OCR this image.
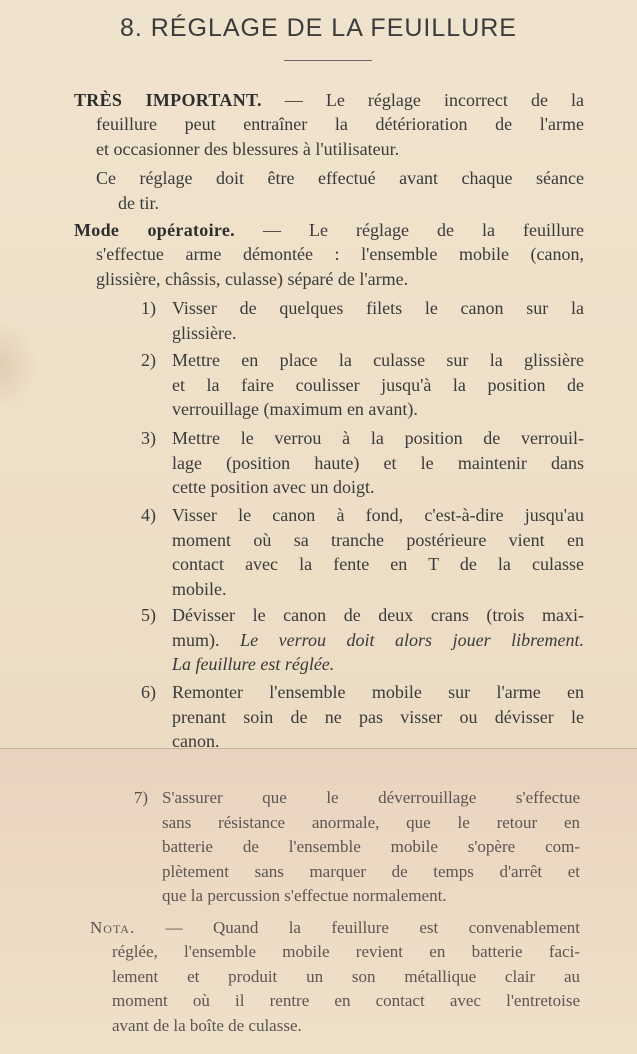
8. RÉGLAGE DE LA FEUILLURE
TRÈS IMPORTANT. — Le réglage incorrect de la
feuillure peut entraîner la détérioration de l'arme
et occasionner des blessures à l'utilisateur.
Ce réglage doit être effectué avant chaque séance
de tir.
Mode opératoire. — Le réglage de la feuillure
s'effectue arme démontée : l'ensemble mobile (canon,
glissière, châssis, culasse) séparé de l'arme.
1) Visser de quelques filets le canon sur la
glissière.
2) Mettre en place la culasse sur la glissière
et la faire coulisser jusqu'à la position de
verrouillage (maximum en avant).
3) Mettre le verrou à la position de verrouil-
lage (position haute) et le maintenir dans
cette position avec un doigt.
4) Visser le canon à fond, c'est-à-dire jusqu'au
moment où sa tranche postérieure vient en
contact avec la fente en T de la culasse
mobile.
5) Dévisser le canon de deux crans (trois maxi-
mum). Le verrou doit alors jouer librement.
La feuillure est réglée.
6) Remonter l'ensemble mobile sur l'arme en
prenant soin de ne pas visser ou dévisser le
canon.
7) S'assurer que le déverrouillage s'effectue
sans résistance anormale, que le retour en
batterie de l'ensemble mobile s'opère com-
plètement sans marquer de temps d'arrêt et
que la percussion s'effectue normalement.
Nota. — Quand la feuillure est convenablement
réglée, l'ensemble mobile revient en batterie faci-
lement et produit un son métallique clair au
moment où il rentre en contact avec l'entretoise
avant de la boîte de culasse.
